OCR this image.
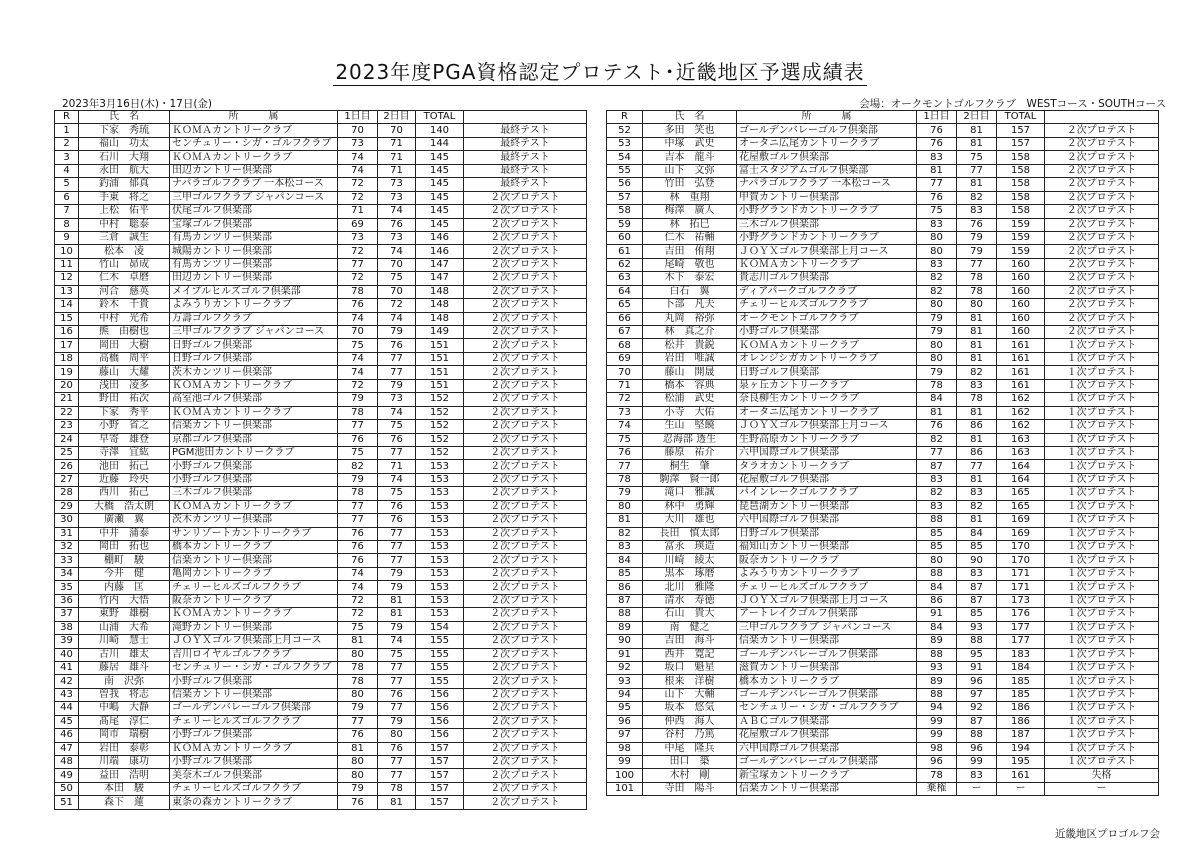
2023年度PGA資格認定プロテスト･近畿地区予選成績表
2023年3月16日(木)・17日(金)	会場：オークモントゴルフクラブ　WESTコース・SOUTHコース
R	氏　名	所　　　属	1日目	2日目	TOTAL	
1	下家　秀琉	ＫＯＭＡカントリークラブ	70	70	140	最終テスト
2	福山　功太	センチュリー・シガ・ゴルフクラブ	73	71	144	最終テスト
3	石川　大翔	ＫＯＭＡカントリークラブ	74	71	145	最終テスト
4	永田　航大	田辺カントリー倶楽部	74	71	145	最終テスト
5	釣浦　郁真	ナパラゴルフクラブ 一本松コース	72	73	145	最終テスト
6	手東　将之	三甲ゴルフクラブ ジャパンコース	72	73	145	２次プロテスト
7	上松　佑平	伏尾ゴルフ倶楽部	71	74	145	２次プロテスト
8	中村　聡泰	宝塚ゴルフ倶楽部	69	76	145	２次プロテスト
9	三倉　誠生	有馬カンツリー倶楽部	73	73	146	２次プロテスト
10	松本　凌	城陽カントリー倶楽部	72	74	146	２次プロテスト
11	竹山　昴成	有馬カンツリー倶楽部	77	70	147	２次プロテスト
12	仁木　卓磨	田辺カントリー倶楽部	72	75	147	２次プロテスト
13	河合　慈英	メイプルヒルズゴルフ倶楽部	78	70	148	２次プロテスト
14	鈴木　千貴	よみうりカントリークラブ	76	72	148	２次プロテスト
15	中村　光希	万壽ゴルフクラブ	74	74	148	２次プロテスト
16	熊　由樹也	三甲ゴルフクラブ ジャパンコース	70	79	149	２次プロテスト
17	岡田　大樹	日野ゴルフ倶楽部	75	76	151	２次プロテスト
18	高橋　周平	日野ゴルフ倶楽部	74	77	151	２次プロテスト
19	藤山　大耀	茨木カンツリー倶楽部	74	77	151	２次プロテスト
20	浅田　凌多	ＫＯＭＡカントリークラブ	72	79	151	２次プロテスト
21	野田　祐次	高室池ゴルフ倶楽部	79	73	152	２次プロテスト
22	下家　秀平	ＫＯＭＡカントリークラブ	78	74	152	２次プロテスト
23	小野　省之	信楽カントリー倶楽部	77	75	152	２次プロテスト
24	早寄　雄登	京都ゴルフ倶楽部	76	76	152	２次プロテスト
25	寺澤　宜紘	PGM池田カントリークラブ	75	77	152	２次プロテスト
26	池田　拓己	小野ゴルフ倶楽部	82	71	153	２次プロテスト
27	近藤　玲央	小野ゴルフ倶楽部	79	74	153	２次プロテスト
28	西川　拓己	三木ゴルフ倶楽部	78	75	153	２次プロテスト
29	大橋　浩太朗	ＫＯＭＡカントリークラブ	77	76	153	２次プロテスト
30	廣瀬　翼	茨木カンツリー倶楽部	77	76	153	２次プロテスト
31	中井　蒲泰	サンリゾートカントリークラブ	76	77	153	２次プロテスト
32	岡田　拓也	橋本カントリークラブ	76	77	153	２次プロテスト
33	棚町　駿	信楽カントリー倶楽部	76	77	153	２次プロテスト
34	今井　健	亀岡カントリークラブ	74	79	153	２次プロテスト
35	内藤　匡	チェリーヒルズゴルフクラブ	74	79	153	２次プロテスト
36	竹内　大悟	阪奈カントリークラブ	72	81	153	２次プロテスト
37	東野　雄樹	ＫＯＭＡカントリークラブ	72	81	153	２次プロテスト
38	山浦　大希	滝野カントリー倶楽部	75	79	154	２次プロテスト
39	川崎　慧士	ＪＯＹＸゴルフ倶楽部上月コース	81	74	155	２次プロテスト
40	古川　雄太	吉川ロイヤルゴルフクラブ	80	75	155	２次プロテスト
41	藤居　雄斗	センチュリー・シガ・ゴルフクラブ	78	77	155	２次プロテスト
42	南　沢弥	小野ゴルフ倶楽部	78	77	155	２次プロテスト
43	曽我　将志	信楽カントリー倶楽部	80	76	156	２次プロテスト
44	中嶋　大静	ゴールデンバレーゴルフ倶楽部	79	77	156	２次プロテスト
45	髙尾　淳仁	チェリーヒルズゴルフクラブ	77	79	156	２次プロテスト
46	岡市　瑞樹	小野ゴルフ倶楽部	76	80	156	２次プロテスト
47	岩田　泰彰	ＫＯＭＡカントリークラブ	81	76	157	２次プロテスト
48	川端　康功	小野ゴルフ倶楽部	80	77	157	２次プロテスト
49	益田　浩明	美奈木ゴルフ倶楽部	80	77	157	２次プロテスト
50	本田　駿	チェリーヒルズゴルフクラブ	79	78	157	２次プロテスト
51	森下　蓮	東条の森カントリークラブ	76	81	157	２次プロテスト
R	氏　名	所　　　属	1日目	2日目	TOTAL	
52	多田　笑也	ゴールデンバレーゴルフ倶楽部	76	81	157	２次プロテスト
53	中塚　武史	オータニ広尾カントリークラブ	76	81	157	２次プロテスト
54	吉本　龍斗	花屋敷ゴルフ倶楽部	83	75	158	２次プロテスト
55	山下　文弥	富士スタジアムゴルフ倶楽部	81	77	158	２次プロテスト
56	竹田　弘登	ナパラゴルフクラブ 一本松コース	77	81	158	２次プロテスト
57	林　重翔	甲賀カントリー倶楽部	76	82	158	２次プロテスト
58	梅澤　廣人	小野グランドカントリークラブ	75	83	158	２次プロテスト
59	林　拓巳	三木ゴルフ倶楽部	83	76	159	２次プロテスト
60	仁木　祐輔	小野グランドカントリークラブ	80	79	159	２次プロテスト
61	吉田　侑翔	ＪＯＹＸゴルフ倶楽部上月コース	80	79	159	２次プロテスト
62	尾崎　敬也	ＫＯＭＡカントリークラブ	83	77	160	２次プロテスト
63	木下　泰宏	貴志川ゴルフ倶楽部	82	78	160	２次プロテスト
64	白石　翼	ディアパークゴルフクラブ	82	78	160	２次プロテスト
65	卜部　凡夫	チェリーヒルズゴルフクラブ	80	80	160	２次プロテスト
66	丸岡　裕弥	オークモントゴルフクラブ	79	81	160	２次プロテスト
67	林　真之介	小野ゴルフ倶楽部	79	81	160	２次プロテスト
68	松井　貴鋭	ＫＯＭＡカントリークラブ	80	81	161	１次プロテスト
69	岩田　唯誠	オレンジシガカントリークラブ	80	81	161	１次プロテスト
70	藤山　開晟	日野ゴルフ倶楽部	79	82	161	１次プロテスト
71	橋本　容典	泉ヶ丘カントリークラブ	78	83	161	１次プロテスト
72	松浦　武史	奈良柳生カントリークラブ	84	78	162	１次プロテスト
73	小寺　大佑	オータニ広尾カントリークラブ	81	81	162	１次プロテスト
74	生山　堅饒	ＪＯＹＸゴルフ倶楽部上月コース	76	86	162	１次プロテスト
75	忍海部 透生	生野高原カントリークラブ	82	81	163	１次プロテスト
76	藤原　祐介	六甲国際ゴルフ倶楽部	77	86	163	１次プロテスト
77	桐生　肇	タラオカントリークラブ	87	77	164	１次プロテスト
78	駒澤　賢一郎	花屋敷ゴルフ倶楽部	83	81	164	１次プロテスト
79	滝口　雅誠	パインレークゴルフクラブ	82	83	165	１次プロテスト
80	林中　勇輝	琵琶湖カントリー倶楽部	83	82	165	１次プロテスト
81	大川　雄也	六甲国際ゴルフ倶楽部	88	81	169	１次プロテスト
82	長田　慎太郎	日野ゴルフ倶楽部	85	84	169	１次プロテスト
83	富永　瑛造	福知山カントリー倶楽部	85	85	170	１次プロテスト
84	川崎　綾太	阪奈カントリークラブ	80	90	170	１次プロテスト
85	黒本　琢磨	よみうりカントリークラブ	88	83	171	１次プロテスト
86	北川　雅隆	チェリーヒルズゴルフクラブ	84	87	171	１次プロテスト
87	清水　寿徳	ＪＯＹＸゴルフ倶楽部上月コース	86	87	173	１次プロテスト
88	石山　貴大	アートレイクゴルフ倶楽部	91	85	176	１次プロテスト
89	南　健之	三甲ゴルフクラブ ジャパンコース	84	93	177	１次プロテスト
90	吉田　海斗	信楽カントリー倶楽部	89	88	177	１次プロテスト
91	西井　寛記	ゴールデンバレーゴルフ倶楽部	88	95	183	１次プロテスト
92	坂口　魁星	滋賀カントリー倶楽部	93	91	184	１次プロテスト
93	根来　洋樹	橋本カントリークラブ	89	96	185	１次プロテスト
94	山下　大輔	ゴールデンバレーゴルフ倶楽部	88	97	185	１次プロテスト
95	坂本　悠気	センチュリー・シガ・ゴルフクラブ	94	92	186	１次プロテスト
96	仲西　海人	ＡＢＣゴルフ倶楽部	99	87	186	１次プロテスト
97	谷村　乃篤	花屋敷ゴルフ倶楽部	99	88	187	１次プロテスト
98	中尾　隆兵	六甲国際ゴルフ倶楽部	98	96	194	１次プロテスト
99	田口　築	ゴールデンバレーゴルフ倶楽部	96	99	195	１次プロテスト
100	木村　剛	新宝塚カントリークラブ	78	83	161	失格
101	寺田　陽斗	信楽カントリー倶楽部	棄権	ー	ー	ー
近畿地区プロゴルフ会
